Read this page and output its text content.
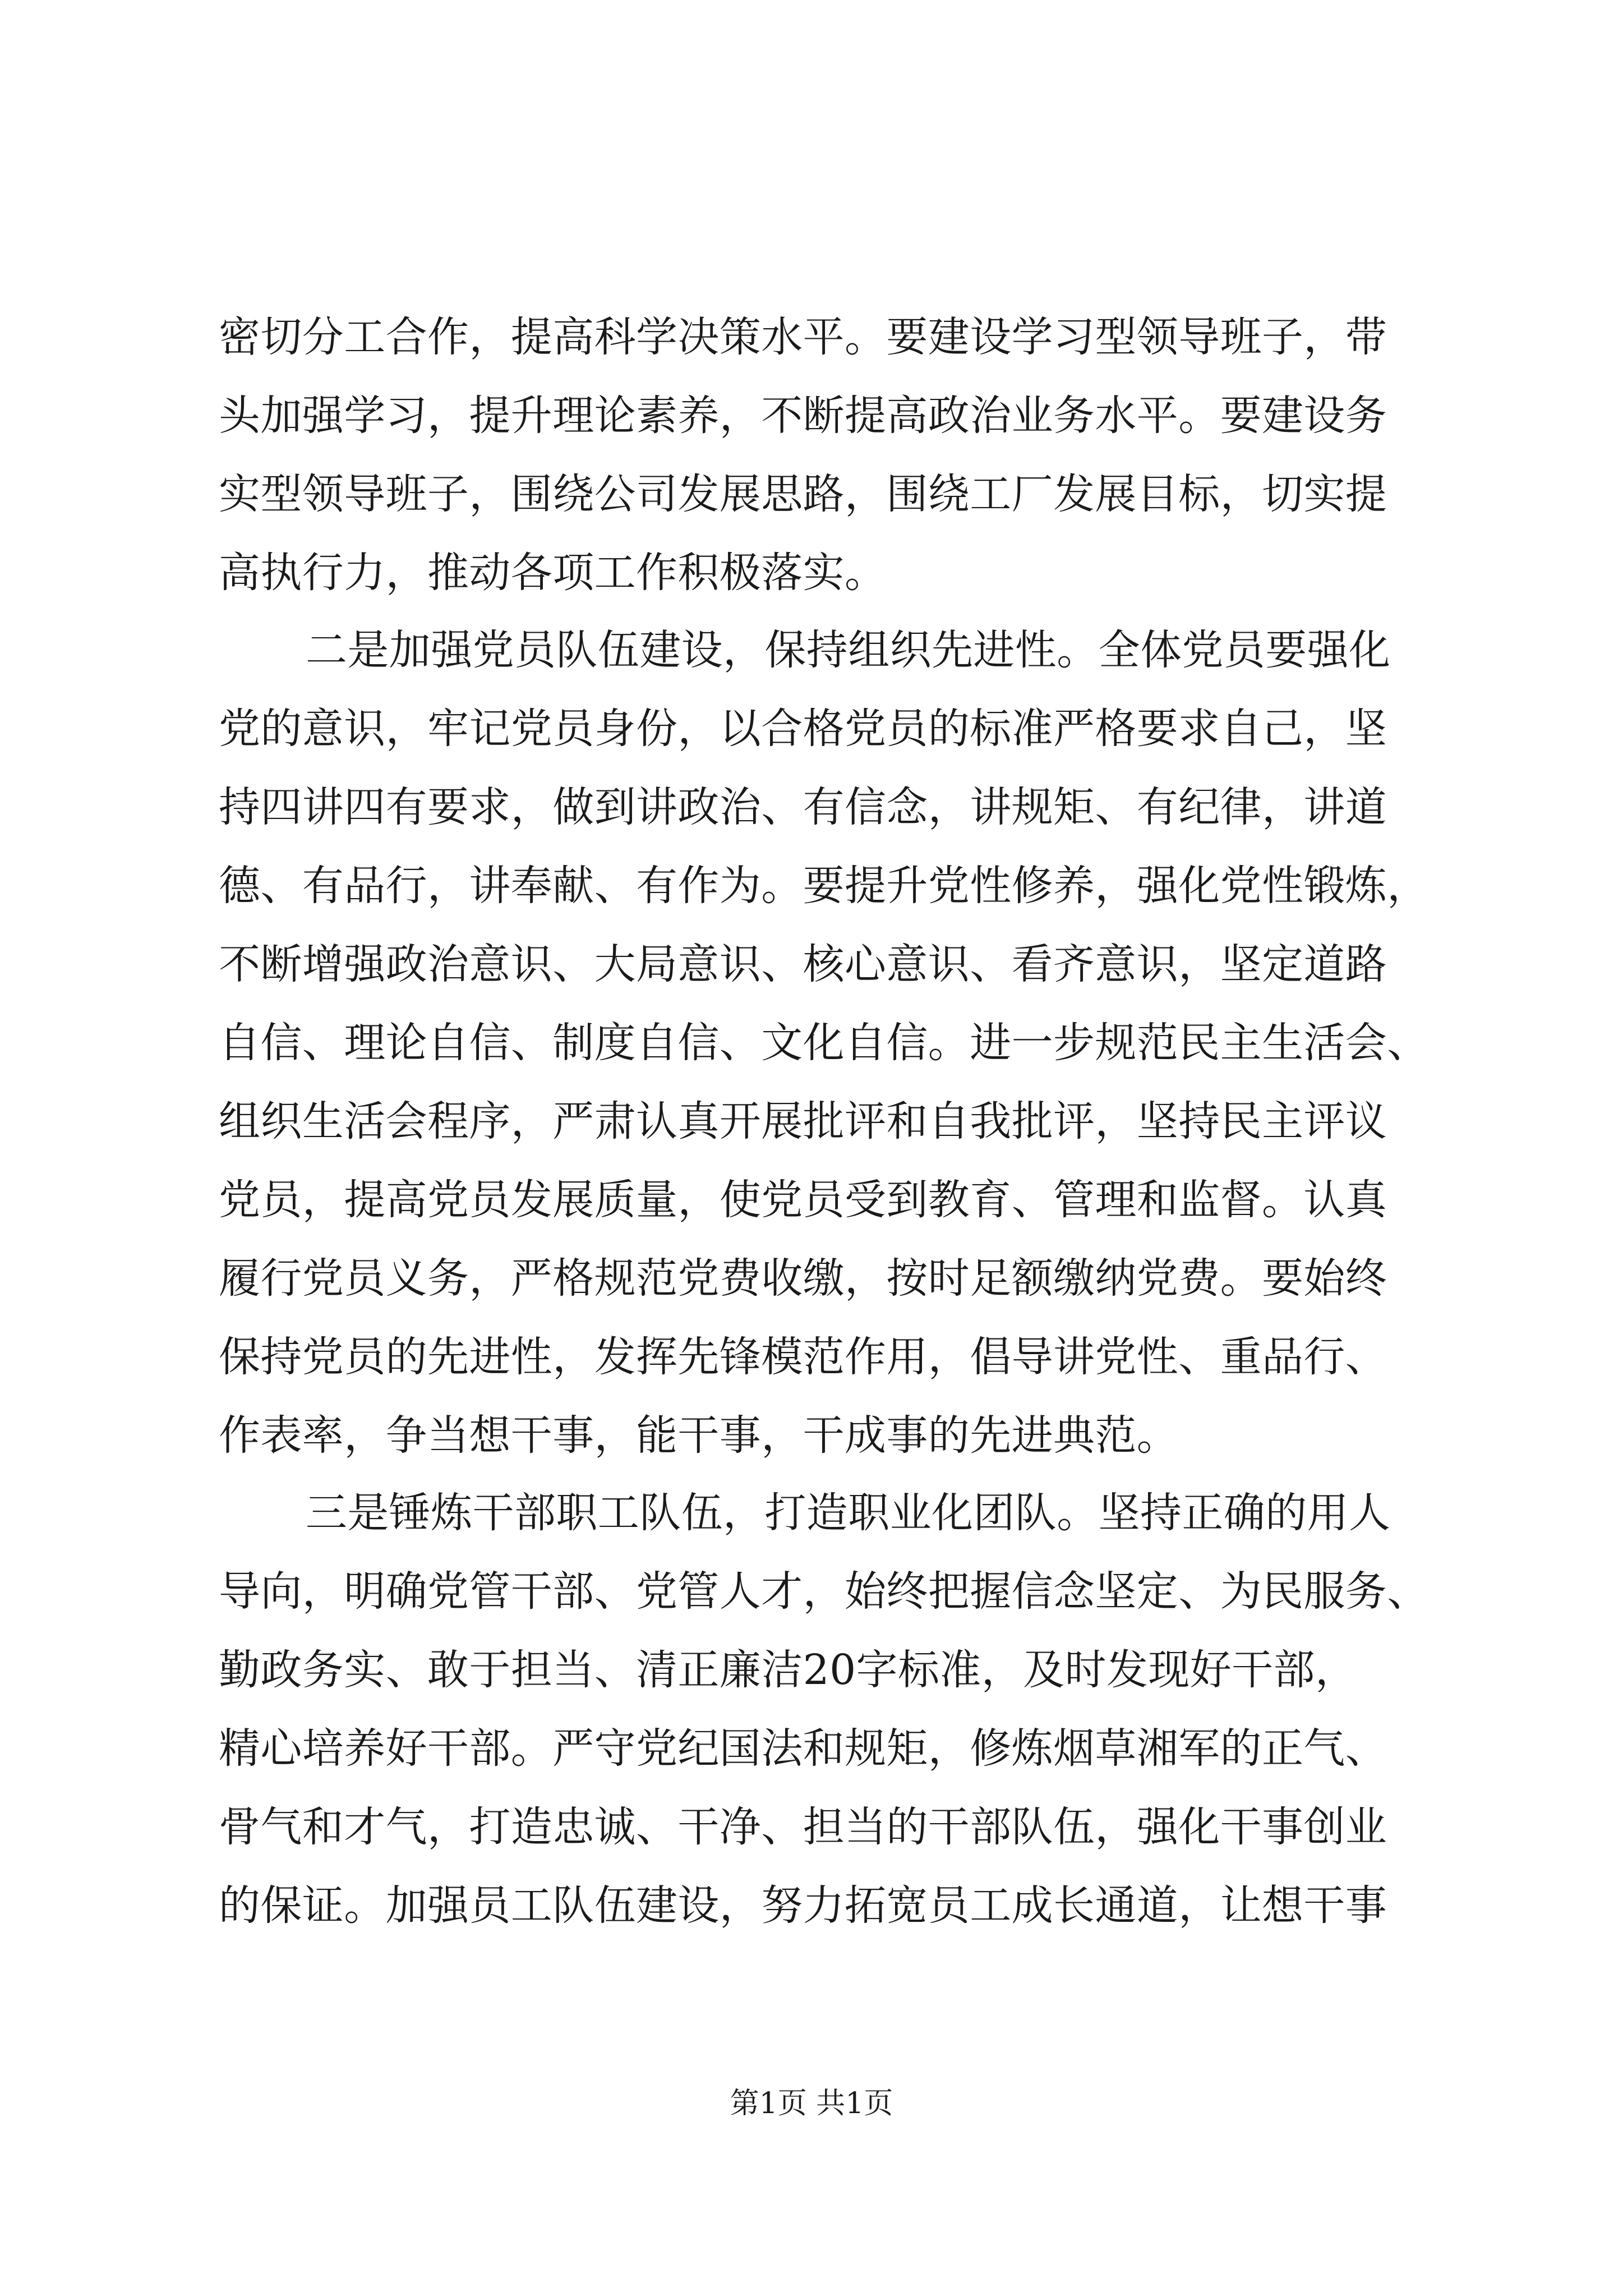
密切分工合作，提高科学决策水平。要建设学习型领导班子，带
头加强学习，提升理论素养，不断提高政治业务水平。要建设务
实型领导班子，围绕公司发展思路，围绕工厂发展目标，切实提
高执行力，推动各项工作积极落实。
二是加强党员队伍建设，保持组织先进性。全体党员要强化
党的意识，牢记党员身份，以合格党员的标准严格要求自己，坚
持四讲四有要求，做到讲政治、有信念，讲规矩、有纪律，讲道
德、有品行，讲奉献、有作为。要提升党性修养，强化党性锻炼，
不断增强政治意识、大局意识、核心意识、看齐意识，坚定道路
自信、理论自信、制度自信、文化自信。进一步规范民主生活会、
组织生活会程序，严肃认真开展批评和自我批评，坚持民主评议
党员，提高党员发展质量，使党员受到教育、管理和监督。认真
履行党员义务，严格规范党费收缴，按时足额缴纳党费。要始终
保持党员的先进性，发挥先锋模范作用，倡导讲党性、重品行、
作表率，争当想干事，能干事，干成事的先进典范。
三是锤炼干部职工队伍，打造职业化团队。坚持正确的用人
导向，明确党管干部、党管人才，始终把握信念坚定、为民服务、
勤政务实、敢于担当、清正廉洁20字标准，及时发现好干部，
精心培养好干部。严守党纪国法和规矩，修炼烟草湘军的正气、
骨气和才气，打造忠诚、干净、担当的干部队伍，强化干事创业
的保证。加强员工队伍建设，努力拓宽员工成长通道，让想干事
第1页 共1页
